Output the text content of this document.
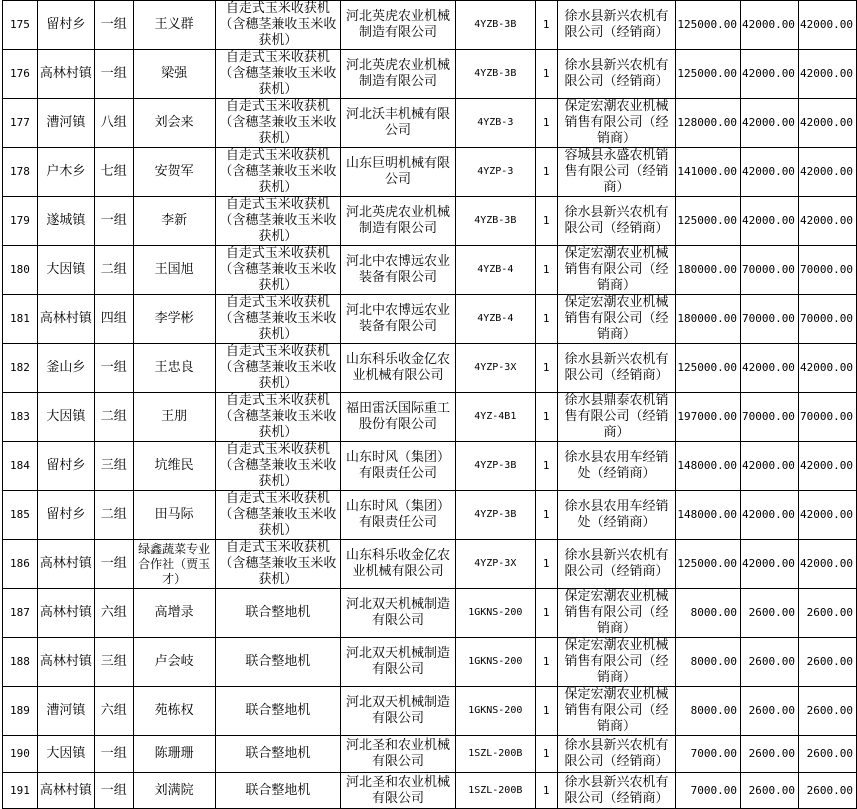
175	留村乡	一组	王义群	自走式玉米收获机（含穗茎兼收玉米收获机）	河北英虎农业机械制造有限公司	4YZB-3B	1	徐水县新兴农机有限公司（经销商）	125000.00	42000.00	42000.00
176	高林村镇	一组	梁强	自走式玉米收获机（含穗茎兼收玉米收获机）	河北英虎农业机械制造有限公司	4YZB-3B	1	徐水县新兴农机有限公司（经销商）	125000.00	42000.00	42000.00
177	漕河镇	八组	刘会来	自走式玉米收获机（含穗茎兼收玉米收获机）	河北沃丰机械有限公司	4YZB-3	1	保定宏潮农业机械销售有限公司（经销商）	128000.00	42000.00	42000.00
178	户木乡	七组	安贺军	自走式玉米收获机（含穗茎兼收玉米收获机）	山东巨明机械有限公司	4YZP-3	1	容城县永盛农机销售有限公司（经销商）	141000.00	42000.00	42000.00
179	遂城镇	一组	李新	自走式玉米收获机（含穗茎兼收玉米收获机）	河北英虎农业机械制造有限公司	4YZB-3B	1	徐水县新兴农机有限公司（经销商）	125000.00	42000.00	42000.00
180	大因镇	二组	王国旭	自走式玉米收获机（含穗茎兼收玉米收获机）	河北中农博远农业装备有限公司	4YZB-4	1	保定宏潮农业机械销售有限公司（经销商）	180000.00	70000.00	70000.00
181	高林村镇	四组	李学彬	自走式玉米收获机（含穗茎兼收玉米收获机）	河北中农博远农业装备有限公司	4YZB-4	1	保定宏潮农业机械销售有限公司（经销商）	180000.00	70000.00	70000.00
182	釜山乡	一组	王忠良	自走式玉米收获机（含穗茎兼收玉米收获机）	山东科乐收金亿农业机械有限公司	4YZP-3X	1	徐水县新兴农机有限公司（经销商）	125000.00	42000.00	42000.00
183	大因镇	二组	王朋	自走式玉米收获机（含穗茎兼收玉米收获机）	福田雷沃国际重工股份有限公司	4YZ-4B1	1	徐水县鼎泰农机销售有限公司（经销商）	197000.00	70000.00	70000.00
184	留村乡	三组	坑维民	自走式玉米收获机（含穗茎兼收玉米收获机）	山东时风（集团）有限责任公司	4YZP-3B	1	徐水县农用车经销处（经销商）	148000.00	42000.00	42000.00
185	留村乡	二组	田马际	自走式玉米收获机（含穗茎兼收玉米收获机）	山东时风（集团）有限责任公司	4YZP-3B	1	徐水县农用车经销处（经销商）	148000.00	42000.00	42000.00
186	高林村镇	一组	绿鑫蔬菜专业合作社（贾玉才）	自走式玉米收获机（含穗茎兼收玉米收获机）	山东科乐收金亿农业机械有限公司	4YZP-3X	1	徐水县新兴农机有限公司（经销商）	125000.00	42000.00	42000.00
187	高林村镇	六组	高增录	联合整地机	河北双天机械制造有限公司	1GKNS-200	1	保定宏潮农业机械销售有限公司（经销商）	8000.00	2600.00	2600.00
188	高林村镇	三组	卢会岐	联合整地机	河北双天机械制造有限公司	1GKNS-200	1	保定宏潮农业机械销售有限公司（经销商）	8000.00	2600.00	2600.00
189	漕河镇	六组	苑栋权	联合整地机	河北双天机械制造有限公司	1GKNS-200	1	保定宏潮农业机械销售有限公司（经销商）	8000.00	2600.00	2600.00
190	大因镇	一组	陈珊珊	联合整地机	河北圣和农业机械有限公司	1SZL-200B	1	徐水县新兴农机有限公司（经销商）	7000.00	2600.00	2600.00
191	高林村镇	一组	刘满院	联合整地机	河北圣和农业机械有限公司	1SZL-200B	1	徐水县新兴农机有限公司（经销商）	7000.00	2600.00	2600.00
